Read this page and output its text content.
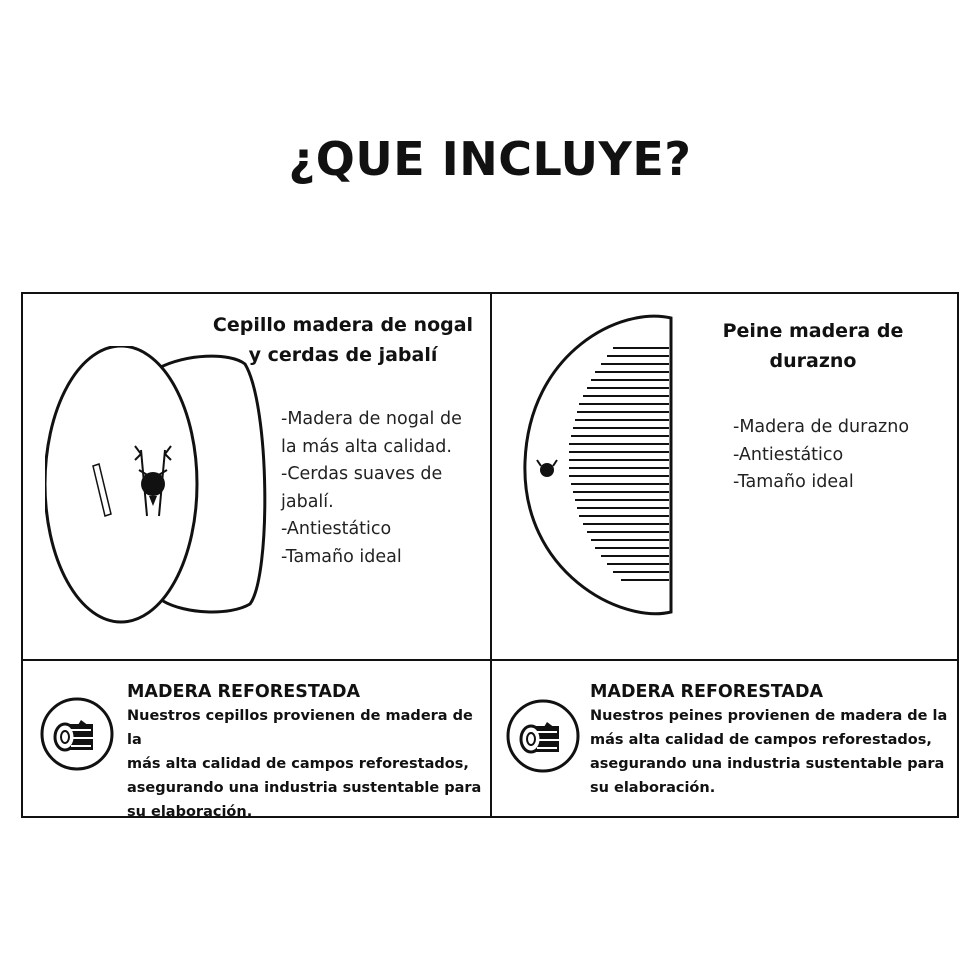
¿QUE INCLUYE?
Cepillo madera de nogal
y cerdas de jabalí
-Madera de nogal de
la más alta calidad.
-Cerdas suaves de
jabalí.
-Antiestático
-Tamaño ideal
Peine madera de
durazno
-Madera de durazno
-Antiestático
-Tamaño ideal
MADERA REFORESTADA
Nuestros cepillos provienen de madera de la
más alta calidad de campos reforestados,
asegurando una industria sustentable para
su elaboración.
MADERA REFORESTADA
Nuestros peines provienen de madera de la
más alta calidad de campos reforestados,
asegurando una industria sustentable para
su elaboración.
